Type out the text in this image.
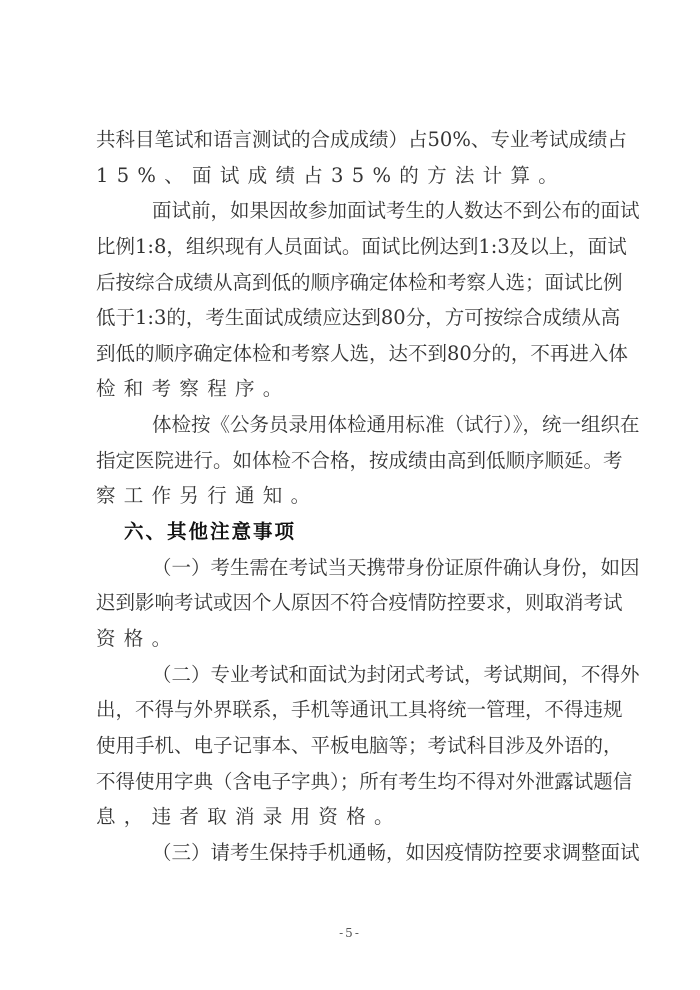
共科目笔试和语言测试的合成成绩）占50%、专业考试成绩占
15%、面试成绩占35%的方法计算。
面试前，如果因故参加面试考生的人数达不到公布的面试
比例1:8，组织现有人员面试。面试比例达到1:3及以上，面试
后按综合成绩从高到低的顺序确定体检和考察人选；面试比例
低于1:3的，考生面试成绩应达到80分，方可按综合成绩从高
到低的顺序确定体检和考察人选，达不到80分的，不再进入体
检和考察程序。
体检按《公务员录用体检通用标准（试行）》，统一组织在
指定医院进行。如体检不合格，按成绩由高到低顺序顺延。考
察工作另行通知。
六、其他注意事项
（一）考生需在考试当天携带身份证原件确认身份，如因
迟到影响考试或因个人原因不符合疫情防控要求，则取消考试
资格。
（二）专业考试和面试为封闭式考试，考试期间，不得外
出，不得与外界联系，手机等通讯工具将统一管理，不得违规
使用手机、电子记事本、平板电脑等；考试科目涉及外语的，
不得使用字典（含电子字典）；所有考生均不得对外泄露试题信
息，违者取消录用资格。
（三）请考生保持手机通畅，如因疫情防控要求调整面试
-5-
